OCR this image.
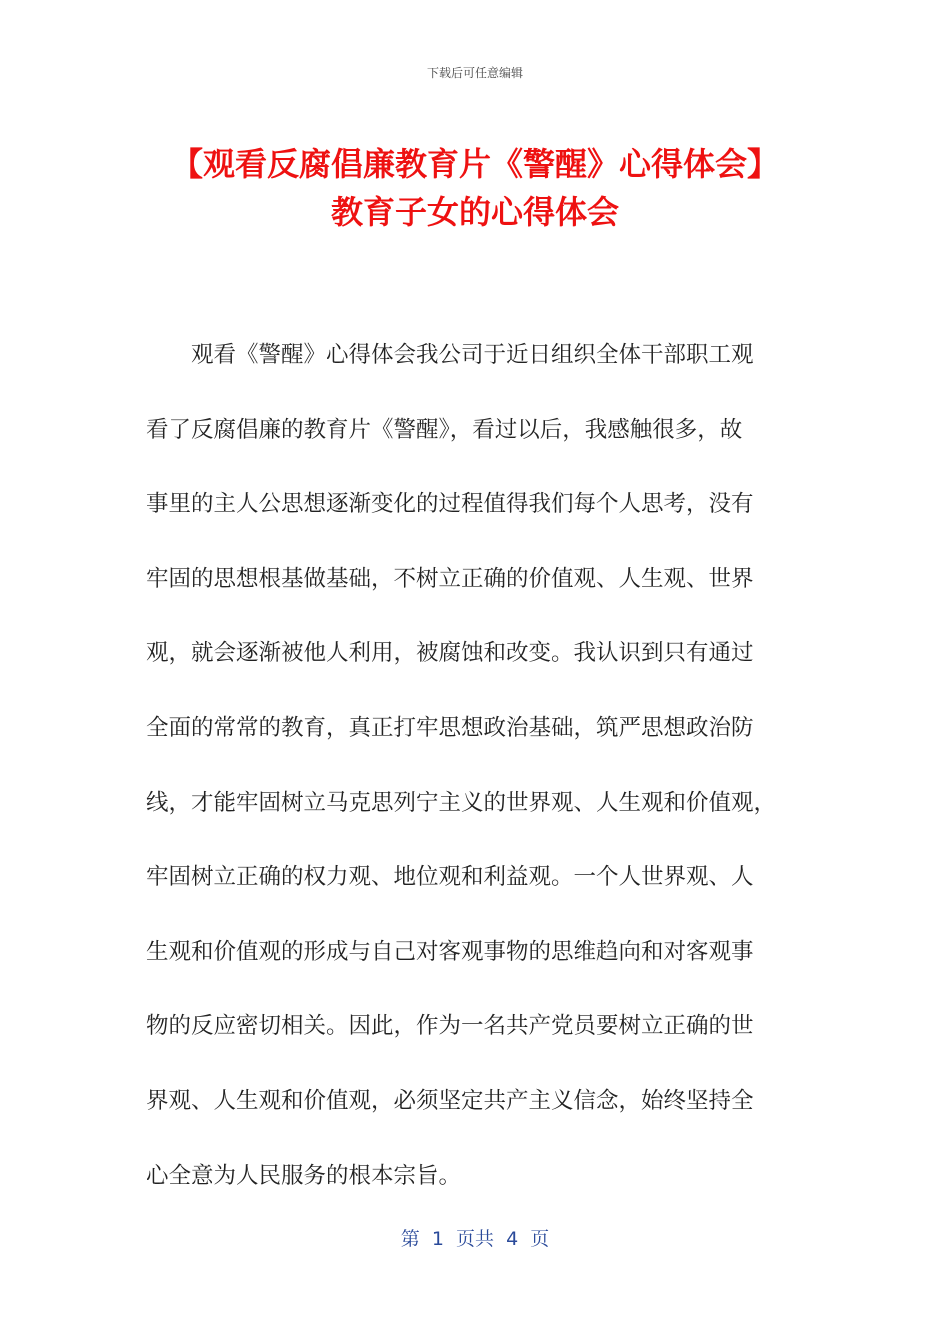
下载后可任意编辑
【观看反腐倡廉教育片《警醒》心得体会】
教育子女的心得体会
　　观看《警醒》心得体会我公司于近日组织全体干部职工观
看了反腐倡廉的教育片《警醒》，看过以后，我感触很多，故
事里的主人公思想逐渐变化的过程值得我们每个人思考，没有
牢固的思想根基做基础，不树立正确的价值观、人生观、世界
观，就会逐渐被他人利用，被腐蚀和改变。我认识到只有通过
全面的常常的教育，真正打牢思想政治基础，筑严思想政治防
线，才能牢固树立马克思列宁主义的世界观、人生观和价值观，
牢固树立正确的权力观、地位观和利益观。一个人世界观、人
生观和价值观的形成与自己对客观事物的思维趋向和对客观事
物的反应密切相关。因此，作为一名共产党员要树立正确的世
界观、人生观和价值观，必须坚定共产主义信念，始终坚持全
心全意为人民服务的根本宗旨。
第  1  页共  4  页
